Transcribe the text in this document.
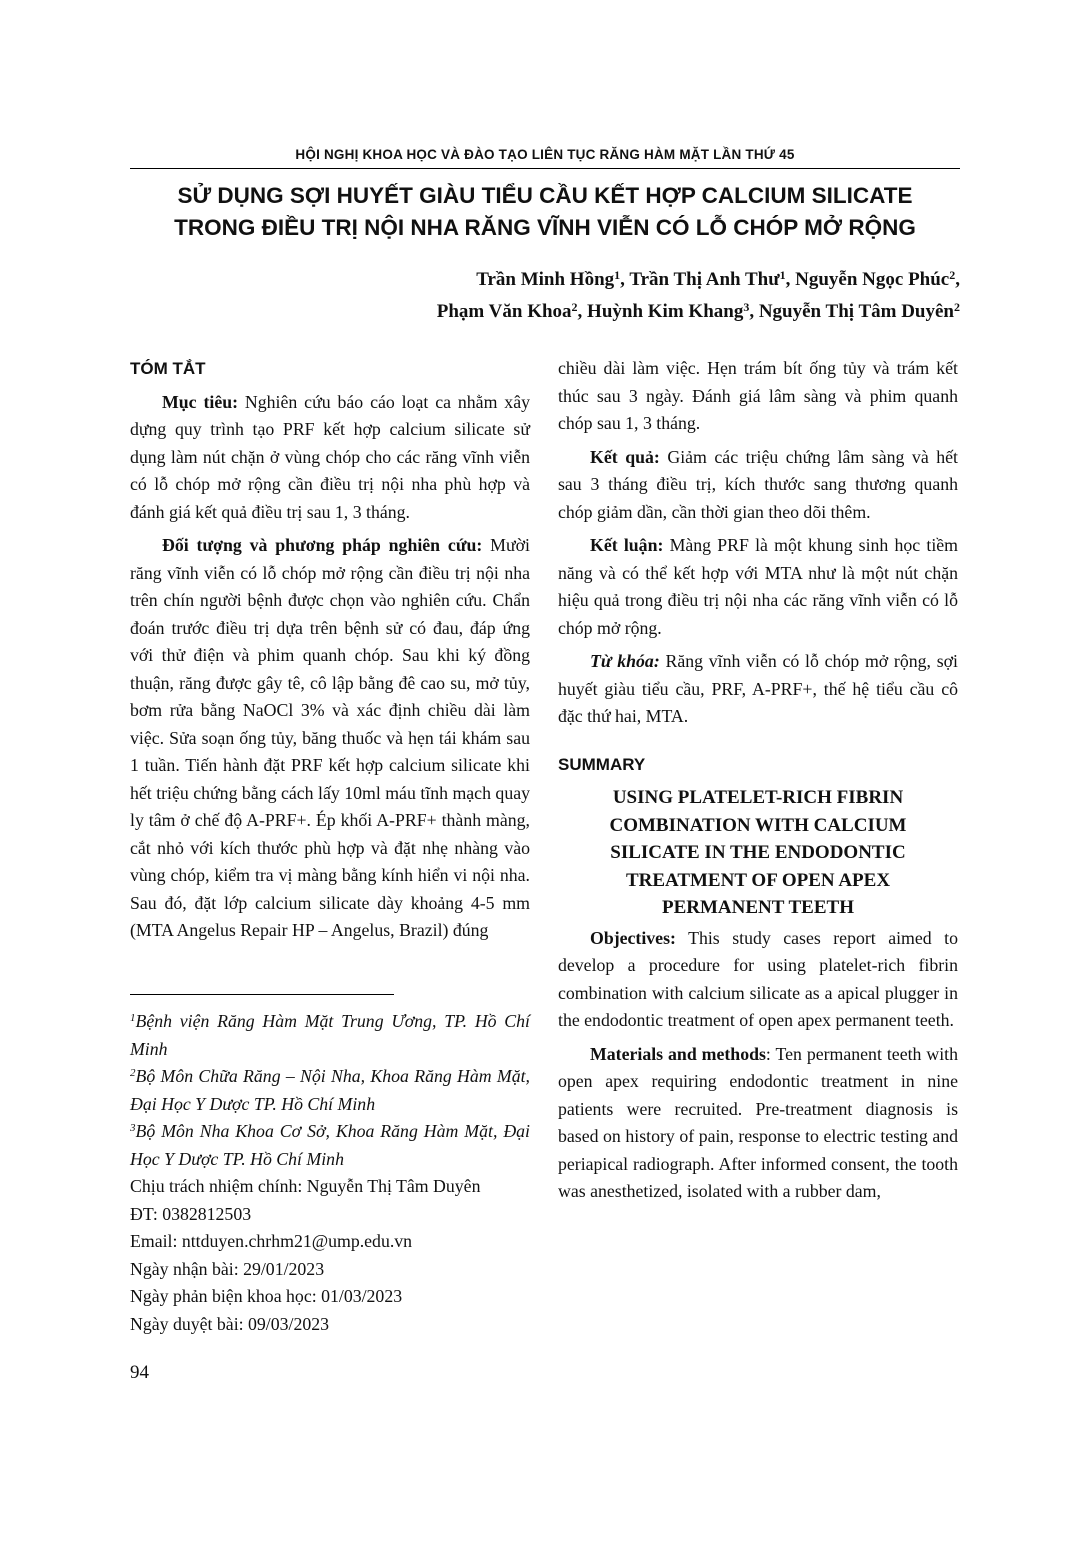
HỘI NGHỊ KHOA HỌC VÀ ĐÀO TẠO LIÊN TỤC RĂNG HÀM MẶT LẦN THỨ 45
SỬ DỤNG SỢI HUYẾT GIÀU TIỂU CẦU KẾT HỢP CALCIUM SILICATE
TRONG ĐIỀU TRỊ NỘI NHA RĂNG VĨNH VIỄN CÓ LỖ CHÓP MỞ RỘNG
Trần Minh Hồng$^1$, Trần Thị Anh Thư$^1$, Nguyễn Ngọc Phúc$^2$,
Phạm Văn Khoa$^2$, Huỳnh Kim Khang$^3$, Nguyễn Thị Tâm Duyên$^2$
TÓM TẮT

Mục tiêu: Nghiên cứu báo cáo loạt ca nhằm xây dựng quy trình tạo PRF kết hợp calcium silicate sử dụng làm nút chặn ở vùng chóp cho các răng vĩnh viễn có lỗ chóp mở rộng cần điều trị nội nha phù hợp và đánh giá kết quả điều trị sau 1, 3 tháng.

Đối tượng và phương pháp nghiên cứu: Mười răng vĩnh viễn có lỗ chóp mở rộng cần điều trị nội nha trên chín người bệnh được chọn vào nghiên cứu. Chẩn đoán trước điều trị dựa trên bệnh sử có đau, đáp ứng với thử điện và phim quanh chóp. Sau khi ký đồng thuận, răng được gây tê, cô lập bằng đê cao su, mở tủy, bơm rửa bằng NaOCl 3% và xác định chiều dài làm việc. Sửa soạn ống tủy, băng thuốc và hẹn tái khám sau 1 tuần. Tiến hành đặt PRF kết hợp calcium silicate khi hết triệu chứng bằng cách lấy 10ml máu tĩnh mạch quay ly tâm ở chế độ A-PRF+. Ép khối A-PRF+ thành màng, cắt nhỏ với kích thước phù hợp và đặt nhẹ nhàng vào vùng chóp, kiểm tra vị màng bằng kính hiển vi nội nha. Sau đó, đặt lớp calcium silicate dày khoảng 4-5 mm (MTA Angelus Repair HP – Angelus, Brazil) đúng

chiều dài làm việc. Hẹn trám bít ống tủy và trám kết thúc sau 3 ngày. Đánh giá lâm sàng và phim quanh chóp sau 1, 3 tháng.

Kết quả: Giảm các triệu chứng lâm sàng và hết sau 3 tháng điều trị, kích thước sang thương quanh chóp giảm dần, cần thời gian theo dõi thêm.

Kết luận: Màng PRF là một khung sinh học tiềm năng và có thể kết hợp với MTA như là một nút chặn hiệu quả trong điều trị nội nha các răng vĩnh viễn có lỗ chóp mở rộng.

Từ khóa: Răng vĩnh viễn có lỗ chóp mở rộng, sợi huyết giàu tiểu cầu, PRF, A-PRF+, thế hệ tiểu cầu cô đặc thứ hai, MTA.

SUMMARY
USING PLATELET-RICH FIBRIN
COMBINATION WITH CALCIUM
SILICATE IN THE ENDODONTIC
TREATMENT OF OPEN APEX
PERMANENT TEETH

Objectives: This study cases report aimed to develop a procedure for using platelet-rich fibrin combination with calcium silicate as a apical plugger in the endodontic treatment of open apex permanent teeth.

Materials and methods: Ten permanent teeth with open apex requiring endodontic treatment in nine patients were recruited. Pre-treatment diagnosis is based on history of pain, response to electric testing and periapical radiograph. After informed consent, the tooth was anesthetized, isolated with a rubber dam,

$^1$Bệnh viện Răng Hàm Mặt Trung Ương, TP. Hồ Chí Minh
$^2$Bộ Môn Chữa Răng – Nội Nha, Khoa Răng Hàm Mặt, Đại Học Y Dược TP. Hồ Chí Minh
$^3$Bộ Môn Nha Khoa Cơ Sở, Khoa Răng Hàm Mặt, Đại Học Y Dược TP. Hồ Chí Minh
Chịu trách nhiệm chính: Nguyễn Thị Tâm Duyên
ĐT: 0382812503
Email: nttduyen.chrhm21@ump.edu.vn
Ngày nhận bài: 29/01/2023
Ngày phản biện khoa học: 01/03/2023
Ngày duyệt bài: 09/03/2023
94
